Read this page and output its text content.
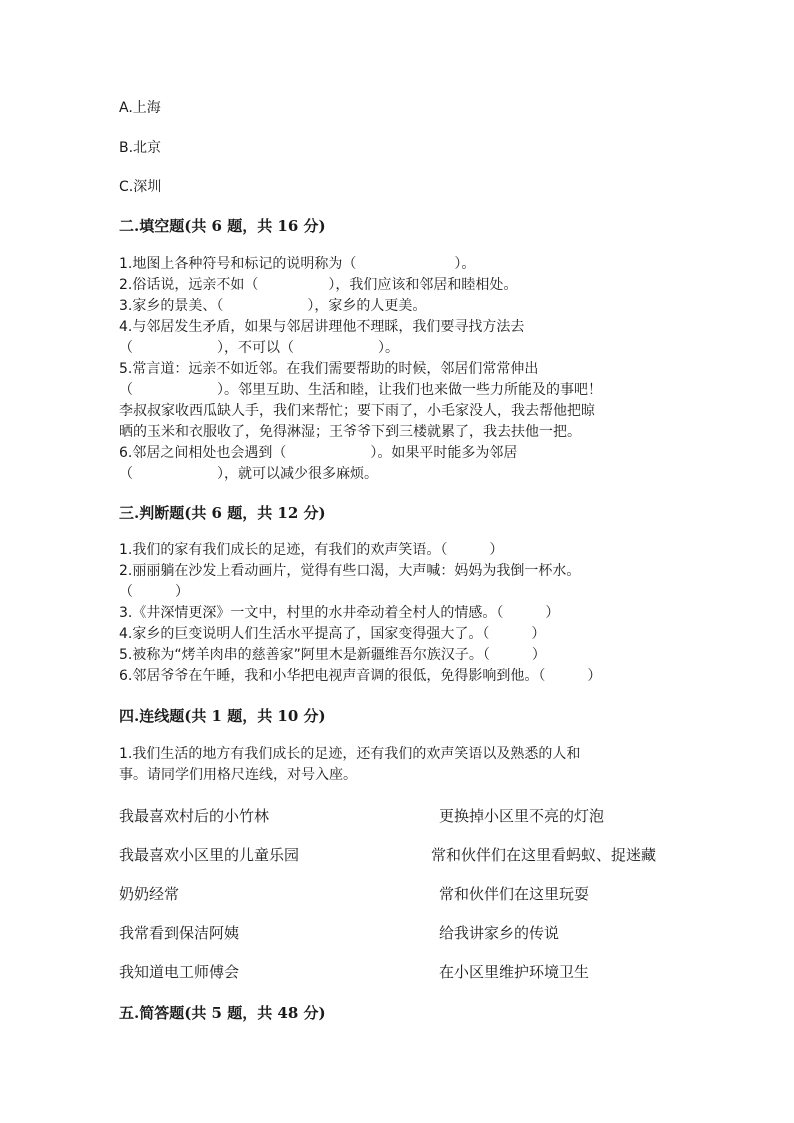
A.上海
B.北京
C.深圳
二.填空题(共 6 题，共 16 分)
1.地图上各种符号和标记的说明称为（　　　　　　　）。
2.俗话说，远亲不如（　　　　　），我们应该和邻居和睦相处。
3.家乡的景美、（　　　　　　），家乡的人更美。
4.与邻居发生矛盾，如果与邻居讲理他不理睬，我们要寻找方法去
（　　　　　　），不可以（　　　　　　）。
5.常言道：远亲不如近邻。在我们需要帮助的时候，邻居们常常伸出
（　　　　　　）。邻里互助、生活和睦，让我们也来做一些力所能及的事吧！
李叔叔家收西瓜缺人手，我们来帮忙；要下雨了，小毛家没人，我去帮他把晾
晒的玉米和衣服收了，免得淋湿；王爷爷下到三楼就累了，我去扶他一把。
6.邻居之间相处也会遇到（　　　　　　）。如果平时能多为邻居
（　　　　　　），就可以减少很多麻烦。
三.判断题(共 6 题，共 12 分)
1.我们的家有我们成长的足迹，有我们的欢声笑语。（　　　）
2.丽丽躺在沙发上看动画片，觉得有些口渴，大声喊：妈妈为我倒一杯水。
（　　　）
3.《井深情更深》一文中，村里的水井牵动着全村人的情感。（　　　）
4.家乡的巨变说明人们生活水平提高了，国家变得强大了。（　　　）
5.被称为“烤羊肉串的慈善家”阿里木是新疆维吾尔族汉子。（　　　）
6.邻居爷爷在午睡，我和小华把电视声音调的很低，免得影响到他。（　　　）
四.连线题(共 1 题，共 10 分)
1.我们生活的地方有我们成长的足迹，还有我们的欢声笑语以及熟悉的人和
事。请同学们用格尺连线，对号入座。
我最喜欢村后的小竹林
我最喜欢小区里的儿童乐园
奶奶经常
我常看到保洁阿姨
我知道电工师傅会
更换掉小区里不亮的灯泡
常和伙伴们在这里看蚂蚁、捉迷藏
常和伙伴们在这里玩耍
给我讲家乡的传说
在小区里维护环境卫生
五.简答题(共 5 题，共 48 分)
